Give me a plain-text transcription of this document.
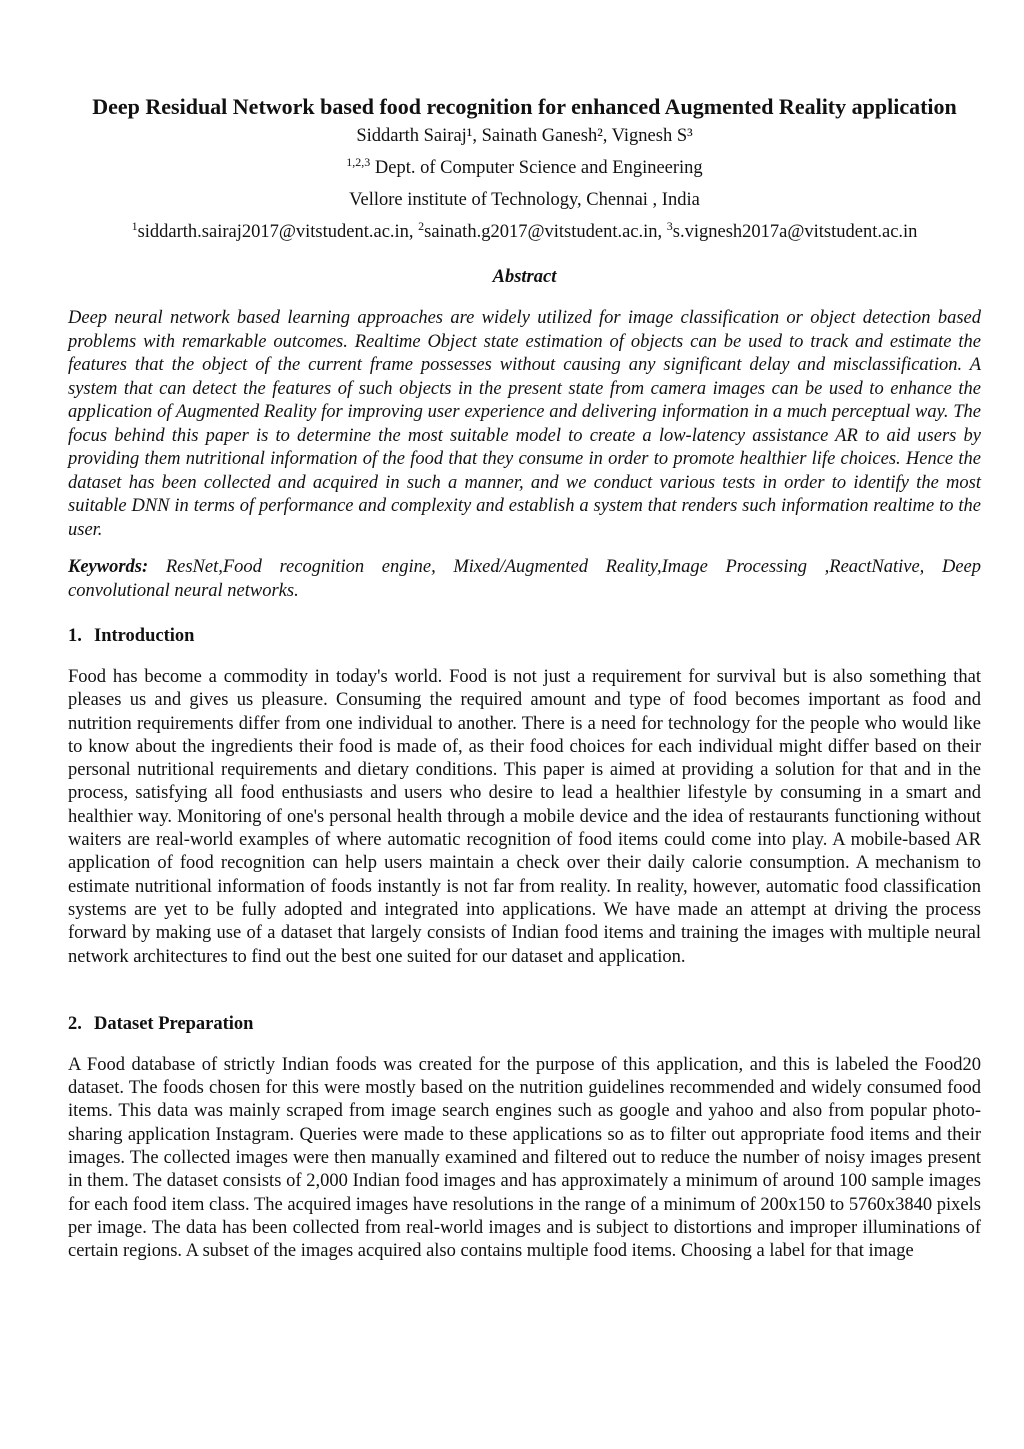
Deep Residual Network based food recognition for enhanced Augmented Reality application

Siddarth Sairaj¹, Sainath Ganesh², Vignesh S³

$^{1,2,3}$ Dept. of Computer Science and Engineering

Vellore institute of Technology, Chennai , India

$^1$siddarth.sairaj2017@vitstudent.ac.in, $^2$sainath.g2017@vitstudent.ac.in, $^3$s.vignesh2017a@vitstudent.ac.in

Abstract

Deep neural network based learning approaches are widely utilized for image classification or object detection based problems with remarkable outcomes. Realtime Object state estimation of objects can be used to track and estimate the features that the object of the current frame possesses without causing any significant delay and misclassification. A system that can detect the features of such objects in the present state from camera images can be used to enhance the application of Augmented Reality for improving user experience and delivering information in a much perceptual way. The focus behind this paper is to determine the most suitable model to create a low-latency assistance AR to aid users by providing them nutritional information of the food that they consume in order to promote healthier life choices. Hence the dataset has been collected and acquired in such a manner, and we conduct various tests in order to identify the most suitable DNN in terms of performance and complexity and establish a system that renders such information realtime to the user.

Keywords: ResNet,Food recognition engine, Mixed/Augmented Reality,Image Processing ,ReactNative, Deep convolutional neural networks.

1. Introduction

Food has become a commodity in today's world. Food is not just a requirement for survival but is also something that pleases us and gives us pleasure. Consuming the required amount and type of food becomes important as food and nutrition requirements differ from one individual to another. There is a need for technology for the people who would like to know about the ingredients their food is made of, as their food choices for each individual might differ based on their personal nutritional requirements and dietary conditions. This paper is aimed at providing a solution for that and in the process, satisfying all food enthusiasts and users who desire to lead a healthier lifestyle by consuming in a smart and healthier way. Monitoring of one's personal health through a mobile device and the idea of restaurants functioning without waiters are real-world examples of where automatic recognition of food items could come into play. A mobile-based AR application of food recognition can help users maintain a check over their daily calorie consumption. A mechanism to estimate nutritional information of foods instantly is not far from reality. In reality, however, automatic food classification systems are yet to be fully adopted and integrated into applications. We have made an attempt at driving the process forward by making use of a dataset that largely consists of Indian food items and training the images with multiple neural network architectures to find out the best one suited for our dataset and application.

2. Dataset Preparation

A Food database of strictly Indian foods was created for the purpose of this application, and this is labeled the Food20 dataset. The foods chosen for this were mostly based on the nutrition guidelines recommended and widely consumed food items. This data was mainly scraped from image search engines such as google and yahoo and also from popular photo-sharing application Instagram. Queries were made to these applications so as to filter out appropriate food items and their images. The collected images were then manually examined and filtered out to reduce the number of noisy images present in them. The dataset consists of 2,000 Indian food images and has approximately a minimum of around 100 sample images for each food item class. The acquired images have resolutions in the range of a minimum of 200x150 to 5760x3840 pixels per image. The data has been collected from real-world images and is subject to distortions and improper illuminations of certain regions. A subset of the images acquired also contains multiple food items. Choosing a label for that image
